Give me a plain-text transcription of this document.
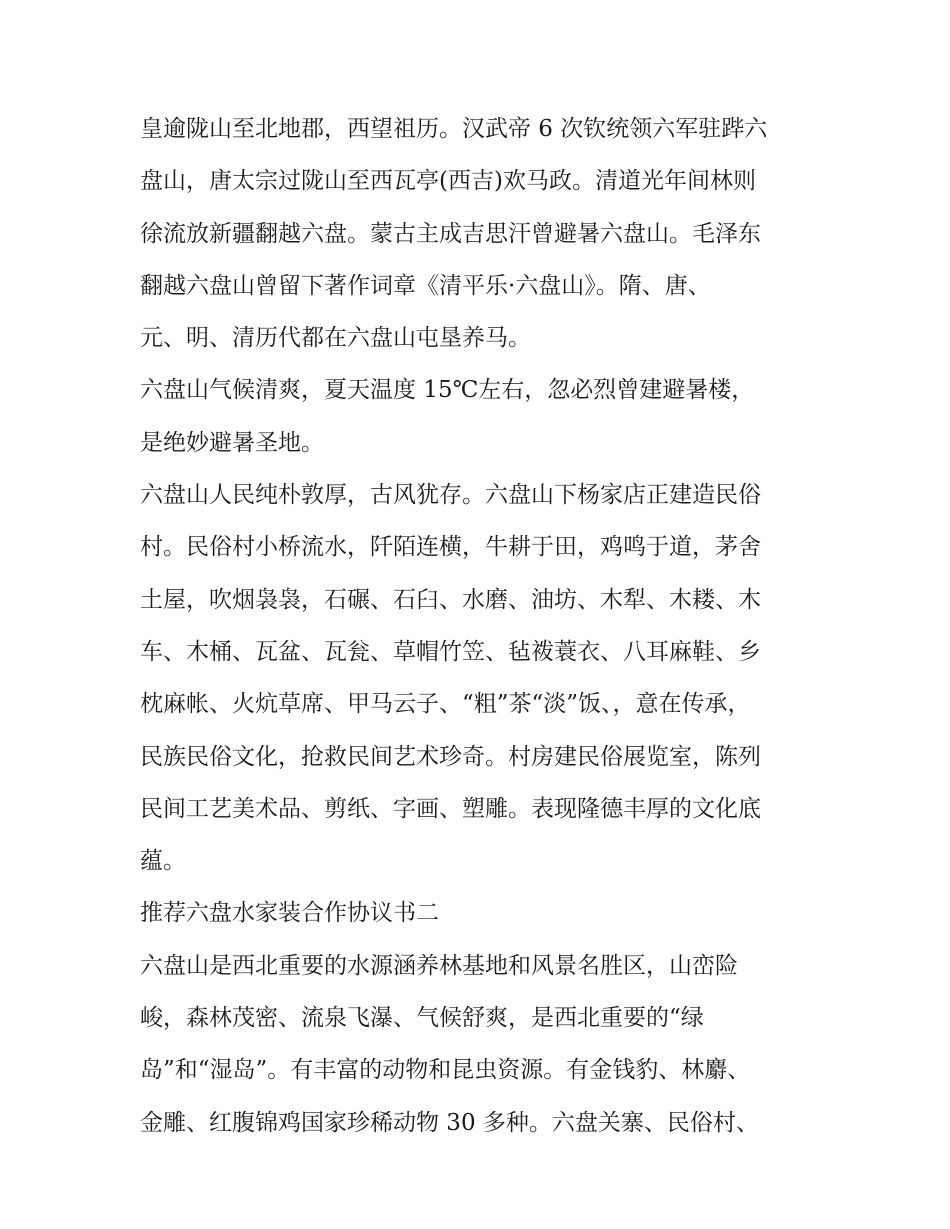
皇逾陇山至北地郡，西望祖历。汉武帝 6 次钦统领六军驻跸六
盘山，唐太宗过陇山至西瓦亭(西吉)欢马政。清道光年间林则
徐流放新疆翻越六盘。蒙古主成吉思汗曾避暑六盘山。毛泽东
翻越六盘山曾留下著作词章《清平乐·六盘山》。隋、唐、
元、明、清历代都在六盘山屯垦养马。
六盘山气候清爽，夏天温度 15℃左右，忽必烈曾建避暑楼，
是绝妙避暑圣地。
六盘山人民纯朴敦厚，古风犹存。六盘山下杨家店正建造民俗
村。民俗村小桥流水，阡陌连横，牛耕于田，鸡鸣于道，茅舍
土屋，吹烟袅袅，石碾、石臼、水磨、油坊、木犁、木耧、木
车、木桶、瓦盆、瓦瓮、草帽竹笠、毡袯蓑衣、八耳麻鞋、乡
枕麻帐、火炕草席、甲马云子、“粗”茶“淡”饭、，意在传承，
民族民俗文化，抢救民间艺术珍奇。村房建民俗展览室，陈列
民间工艺美术品、剪纸、字画、塑雕。表现隆德丰厚的文化底
蕴。
推荐六盘水家装合作协议书二
六盘山是西北重要的水源涵养林基地和风景名胜区，山峦险
峻，森林茂密、流泉飞瀑、气候舒爽，是西北重要的“绿
岛”和“湿岛”。有丰富的动物和昆虫资源。有金钱豹、林麝、
金雕、红腹锦鸡国家珍稀动物 30 多种。六盘关寨、民俗村、
